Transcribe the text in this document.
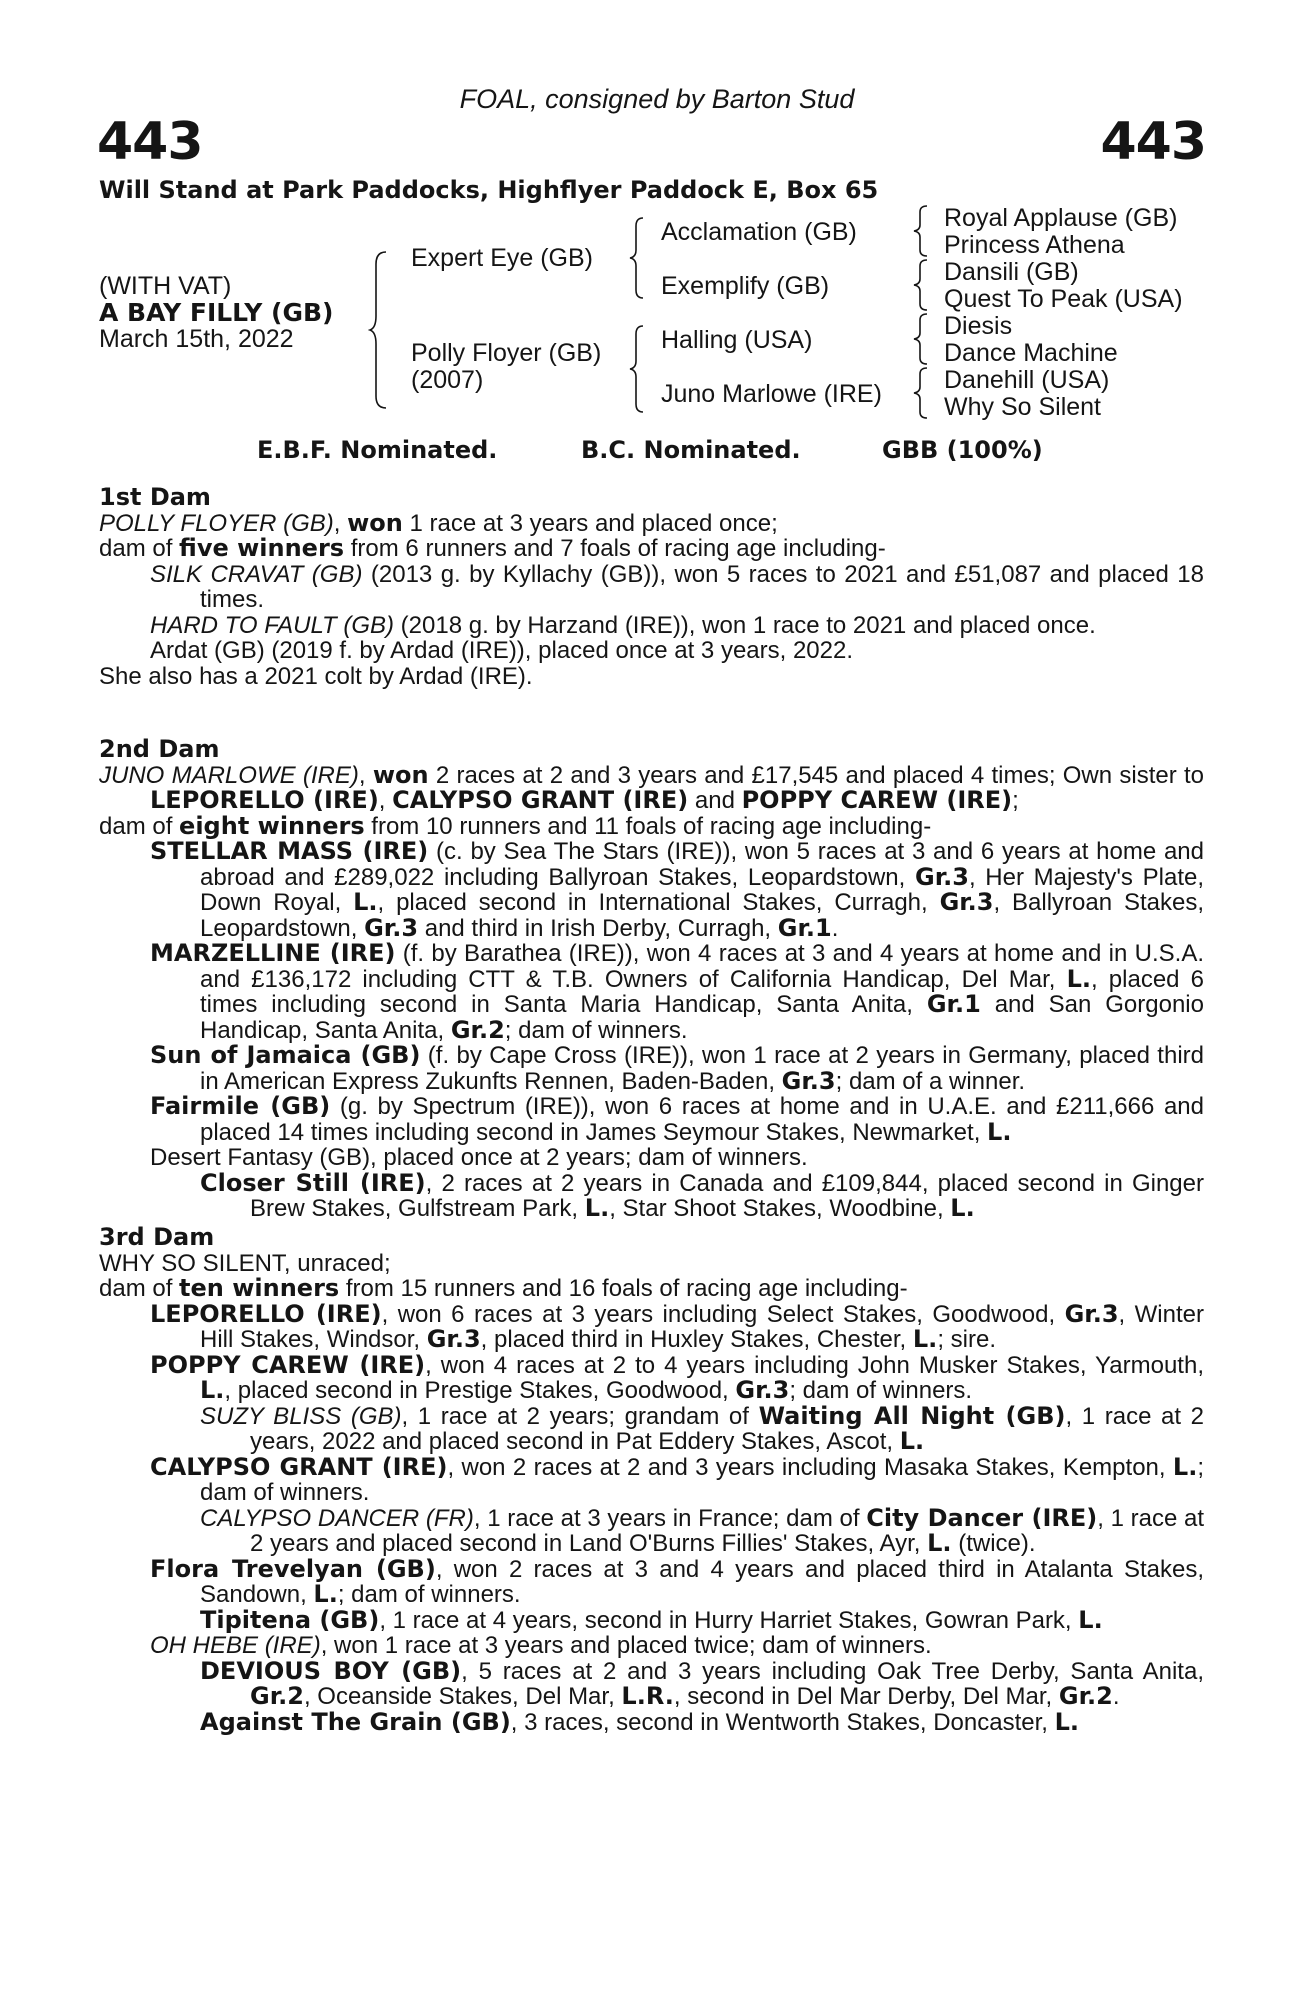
FOAL, consigned by Barton Stud
443	443
Will Stand at Park Paddocks, Highflyer Paddock E, Box 65
(WITH VAT)
A BAY FILLY (GB)
March 15th, 2022
Expert Eye (GB)
Polly Floyer (GB)
(2007)
Acclamation (GB)
Exemplify (GB)
Halling (USA)
Juno Marlowe (IRE)
Royal Applause (GB)
Princess Athena
Dansili (GB)
Quest To Peak (USA)
Diesis
Dance Machine
Danehill (USA)
Why So Silent
E.B.F. Nominated.	B.C. Nominated.	GBB (100%)
1st Dam
POLLY FLOYER (GB), won 1 race at 3 years and placed once;
dam of five winners from 6 runners and 7 foals of racing age including-
SILK CRAVAT (GB) (2013 g. by Kyllachy (GB)), won 5 races to 2021 and £51,087 and placed 18 times.
HARD TO FAULT (GB) (2018 g. by Harzand (IRE)), won 1 race to 2021 and placed once.
Ardat (GB) (2019 f. by Ardad (IRE)), placed once at 3 years, 2022.
She also has a 2021 colt by Ardad (IRE).
2nd Dam
JUNO MARLOWE (IRE), won 2 races at 2 and 3 years and £17,545 and placed 4 times; Own sister to LEPORELLO (IRE), CALYPSO GRANT (IRE) and POPPY CAREW (IRE);
dam of eight winners from 10 runners and 11 foals of racing age including-
STELLAR MASS (IRE) (c. by Sea The Stars (IRE)), won 5 races at 3 and 6 years at home and abroad and £289,022 including Ballyroan Stakes, Leopardstown, Gr.3, Her Majesty's Plate, Down Royal, L., placed second in International Stakes, Curragh, Gr.3, Ballyroan Stakes, Leopardstown, Gr.3 and third in Irish Derby, Curragh, Gr.1.
MARZELLINE (IRE) (f. by Barathea (IRE)), won 4 races at 3 and 4 years at home and in U.S.A. and £136,172 including CTT & T.B. Owners of California Handicap, Del Mar, L., placed 6 times including second in Santa Maria Handicap, Santa Anita, Gr.1 and San Gorgonio Handicap, Santa Anita, Gr.2; dam of winners.
Sun of Jamaica (GB) (f. by Cape Cross (IRE)), won 1 race at 2 years in Germany, placed third in American Express Zukunfts Rennen, Baden-Baden, Gr.3; dam of a winner.
Fairmile (GB) (g. by Spectrum (IRE)), won 6 races at home and in U.A.E. and £211,666 and placed 14 times including second in James Seymour Stakes, Newmarket, L.
Desert Fantasy (GB), placed once at 2 years; dam of winners.
Closer Still (IRE), 2 races at 2 years in Canada and £109,844, placed second in Ginger Brew Stakes, Gulfstream Park, L., Star Shoot Stakes, Woodbine, L.
3rd Dam
WHY SO SILENT, unraced;
dam of ten winners from 15 runners and 16 foals of racing age including-
LEPORELLO (IRE), won 6 races at 3 years including Select Stakes, Goodwood, Gr.3, Winter Hill Stakes, Windsor, Gr.3, placed third in Huxley Stakes, Chester, L.; sire.
POPPY CAREW (IRE), won 4 races at 2 to 4 years including John Musker Stakes, Yarmouth, L., placed second in Prestige Stakes, Goodwood, Gr.3; dam of winners.
SUZY BLISS (GB), 1 race at 2 years; grandam of Waiting All Night (GB), 1 race at 2 years, 2022 and placed second in Pat Eddery Stakes, Ascot, L.
CALYPSO GRANT (IRE), won 2 races at 2 and 3 years including Masaka Stakes, Kempton, L.; dam of winners.
CALYPSO DANCER (FR), 1 race at 3 years in France; dam of City Dancer (IRE), 1 race at 2 years and placed second in Land O'Burns Fillies' Stakes, Ayr, L. (twice).
Flora Trevelyan (GB), won 2 races at 3 and 4 years and placed third in Atalanta Stakes, Sandown, L.; dam of winners.
Tipitena (GB), 1 race at 4 years, second in Hurry Harriet Stakes, Gowran Park, L.
OH HEBE (IRE), won 1 race at 3 years and placed twice; dam of winners.
DEVIOUS BOY (GB), 5 races at 2 and 3 years including Oak Tree Derby, Santa Anita, Gr.2, Oceanside Stakes, Del Mar, L.R., second in Del Mar Derby, Del Mar, Gr.2.
Against The Grain (GB), 3 races, second in Wentworth Stakes, Doncaster, L.
